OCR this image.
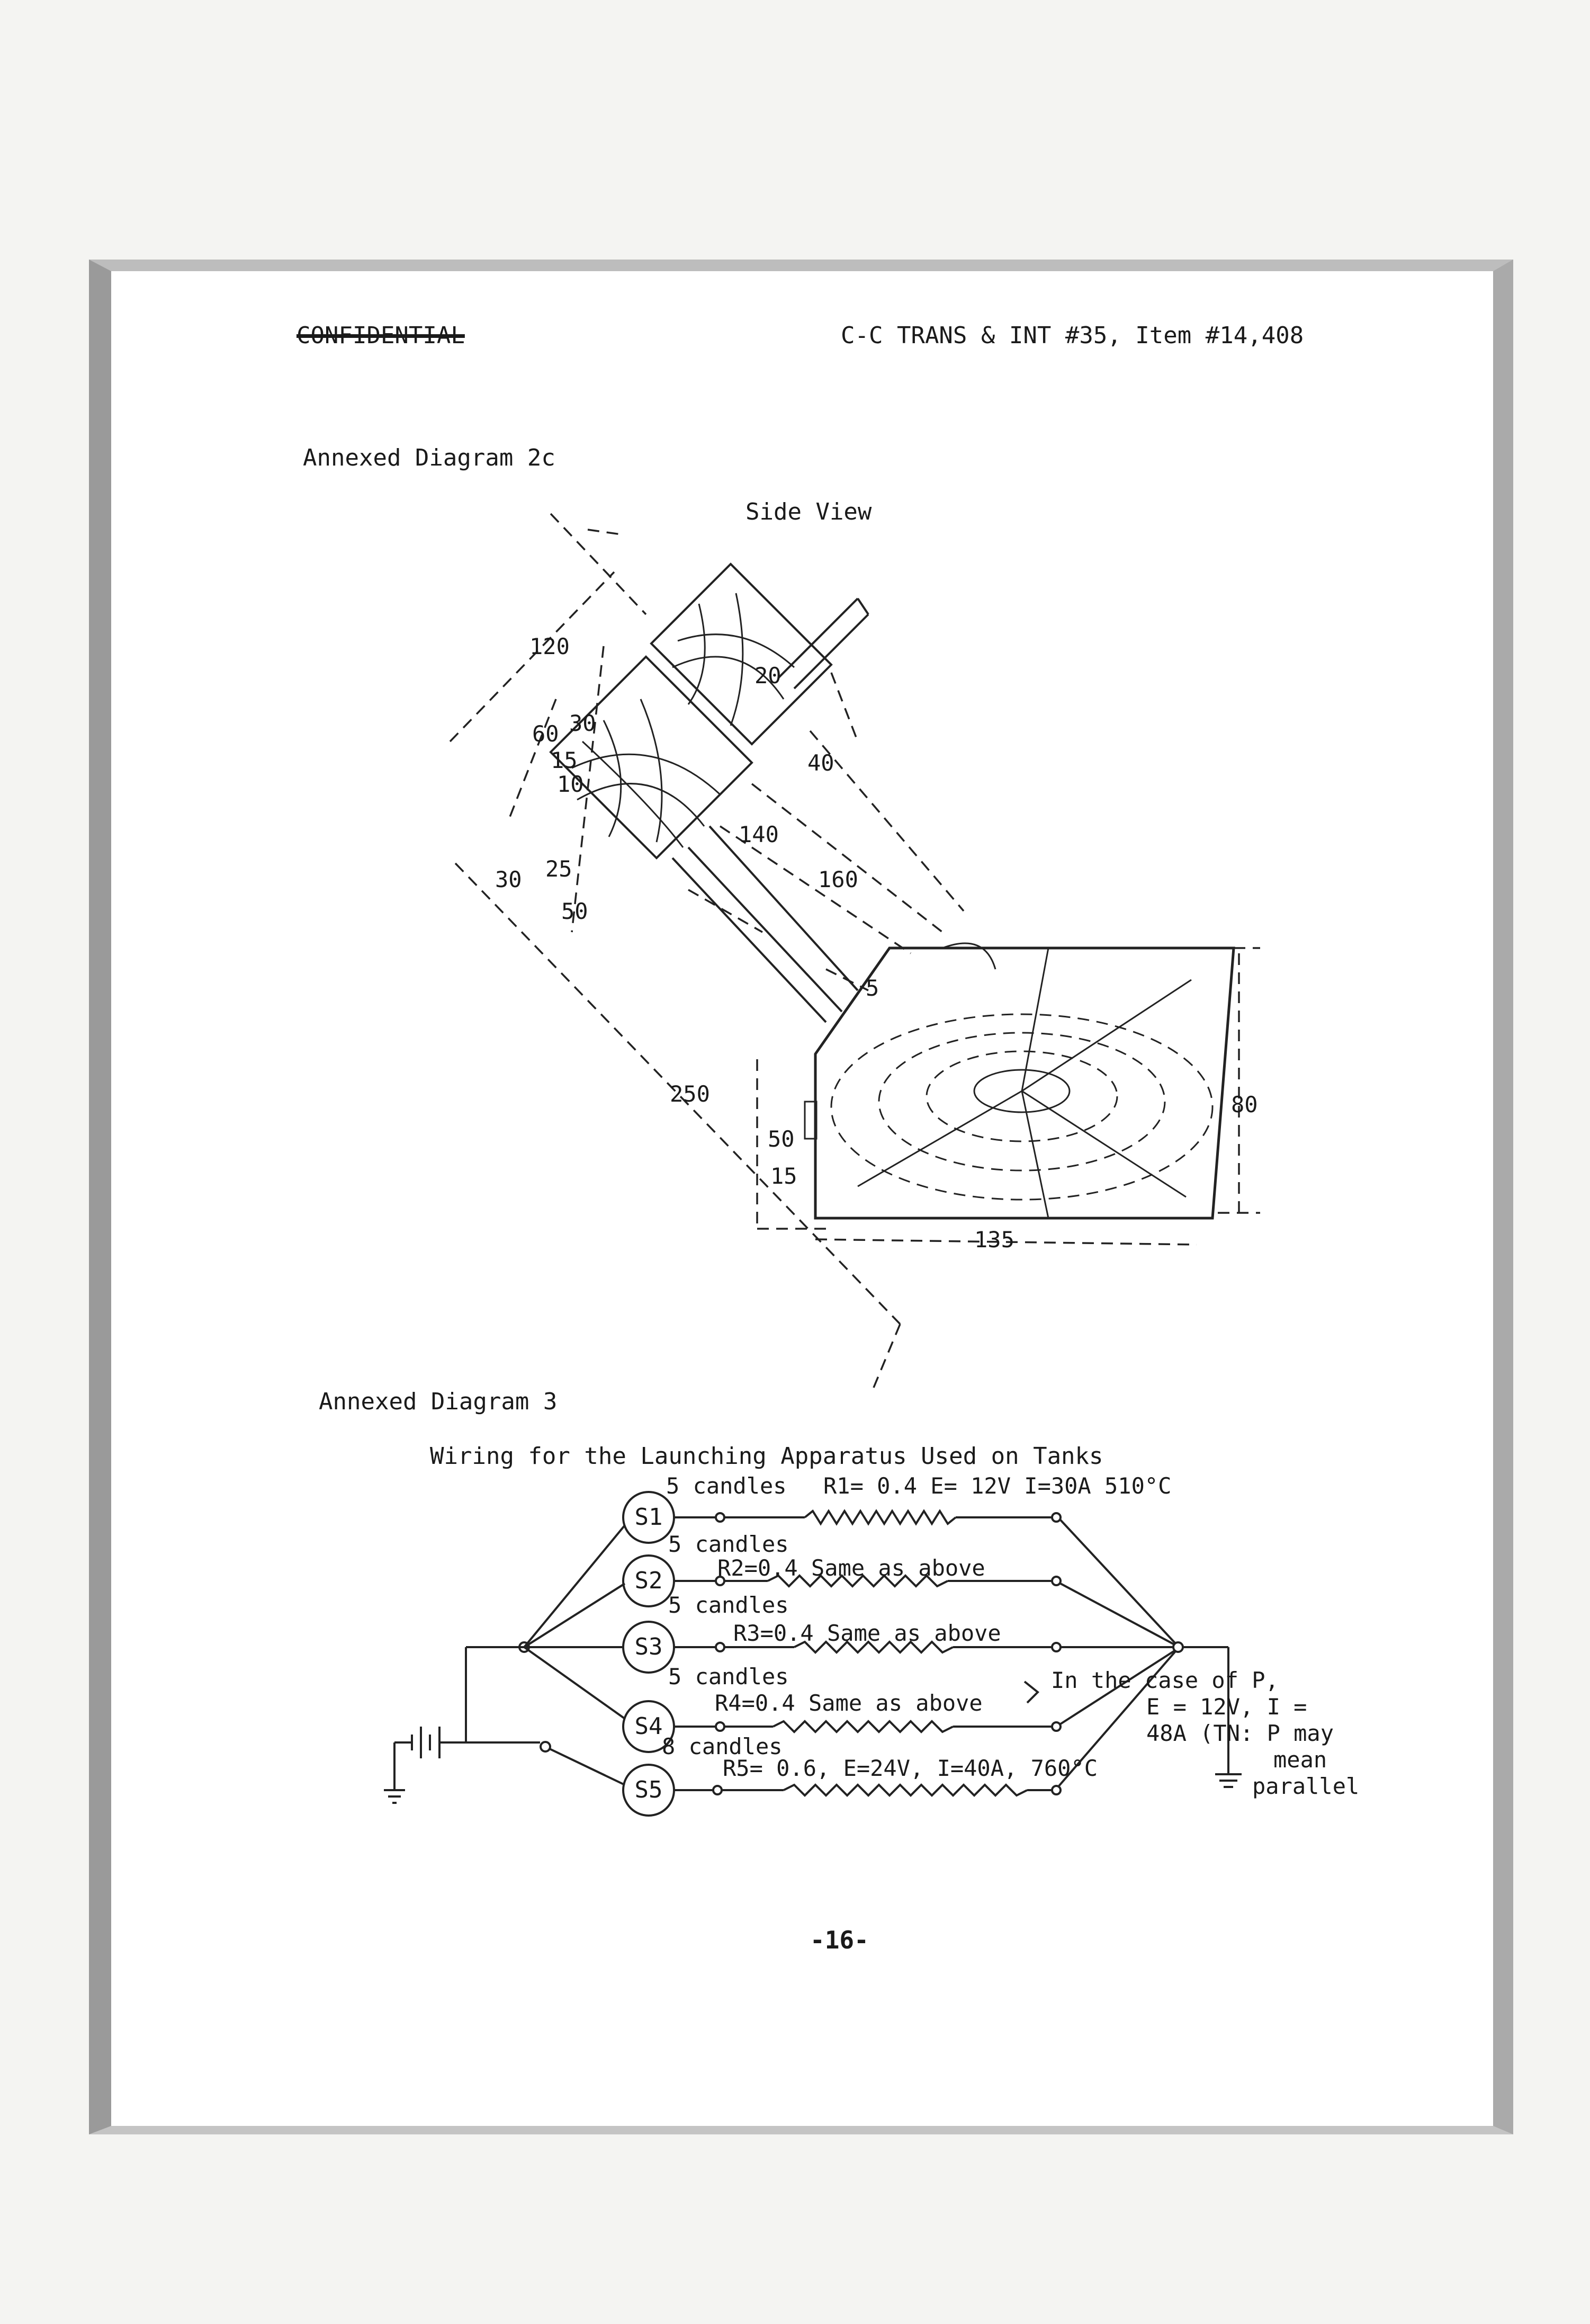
CONFIDENTIAL	C-C TRANS & INT #35, Item #14,408
Annexed Diagram 2c
Side View
120
60 30
15
10
20
40
140
160
30 25
50
5
250
50
15
80
135
Annexed Diagram 3
Wiring for the Launching Apparatus Used on Tanks
S1
S2
S3
S4
S5
5 candles R1= 0.4 E= 12V I=30A 510°C
5 candles
R2=0.4 Same as above
5 candles
R3=0.4 Same as above
5 candles
R4=0.4 Same as above
8 candles
R5= 0.6, E=24V, I=40A, 760°C
In the case of P,
E = 12V, I =
48A (TN: P may
mean
parallel
-16-
